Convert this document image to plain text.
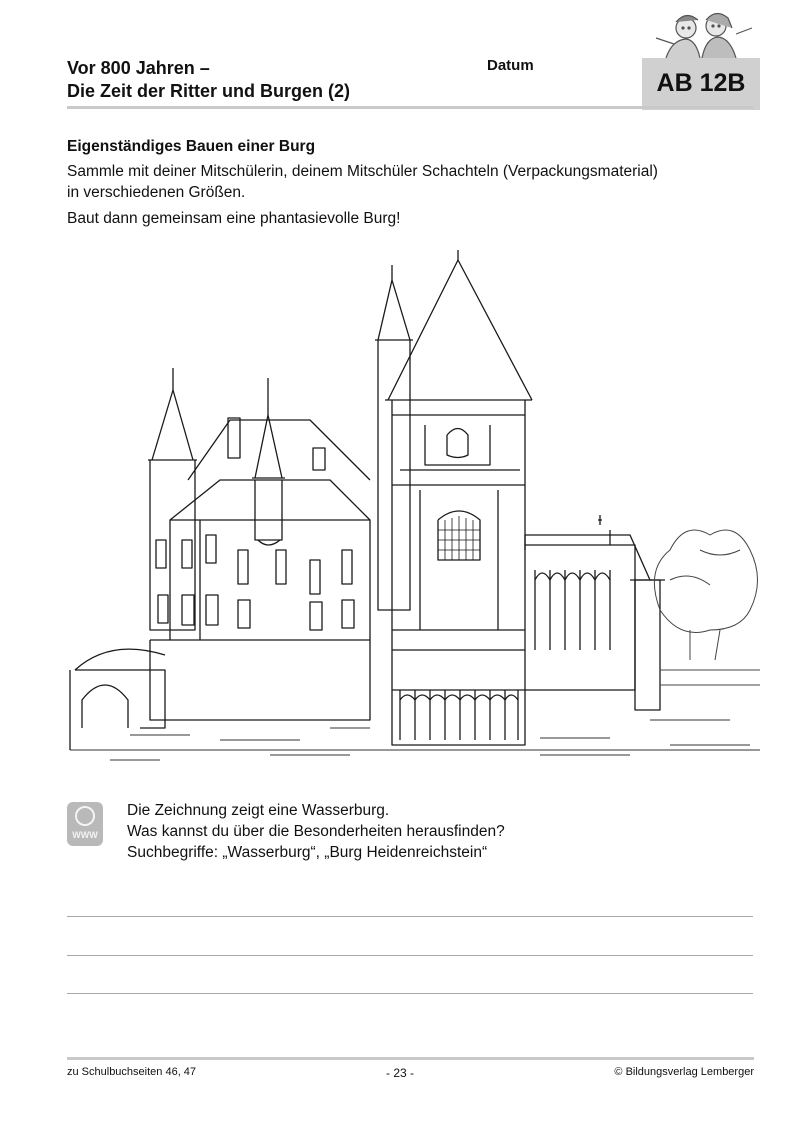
Vor 800 Jahren –
Die Zeit der Ritter und Burgen (2)
Datum
AB 12B
Eigenständiges Bauen einer Burg
Sammle mit deiner Mitschülerin, deinem Mitschüler Schachteln (Verpackungsmaterial)
in verschiedenen Größen.
Baut dann gemeinsam eine phantasievolle Burg!
WWW
Die Zeichnung zeigt eine Wasserburg.
Was kannst du über die Besonderheiten herausfinden?
Suchbegriffe: „Wasserburg“, „Burg Heidenreichstein“
zu Schulbuchseiten 46, 47	- 23 -	© Bildungsverlag Lemberger
